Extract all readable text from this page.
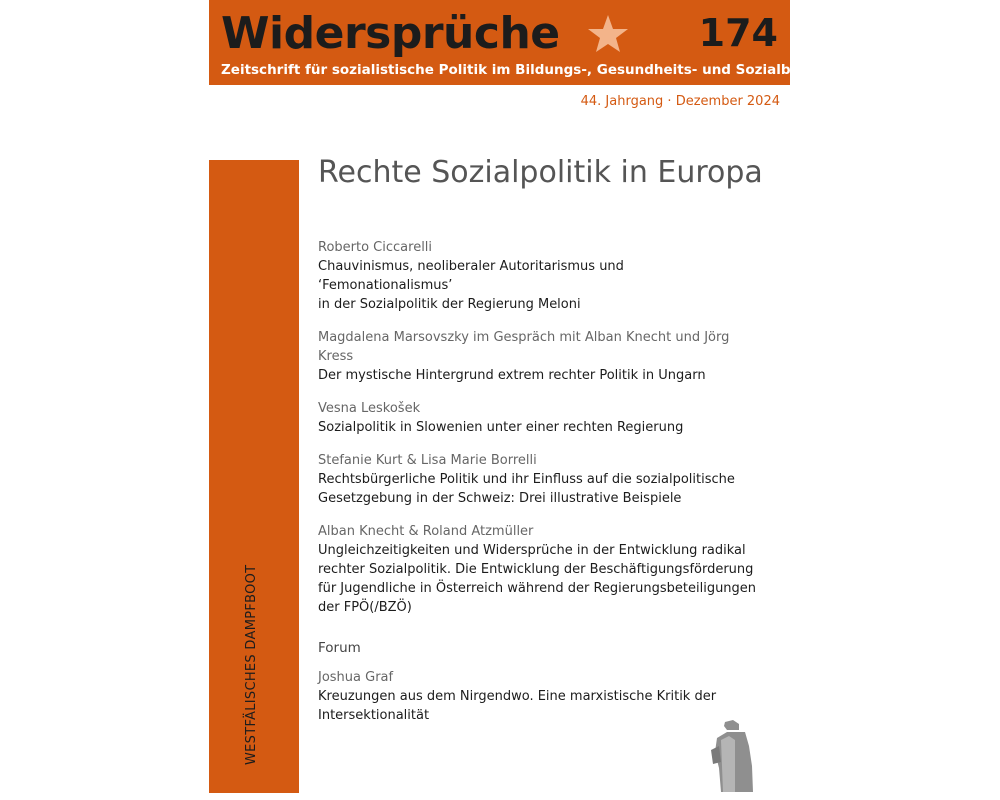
Widersprüche	174
Zeitschrift für sozialistische Politik im Bildungs-, Gesundheits- und Sozialbereich
44. Jahrgang · Dezember 2024
WESTFÄLISCHES DAMPFBOOT
Rechte Sozialpolitik in Europa
Roberto Ciccarelli
Chauvinismus, neoliberaler Autoritarismus und ‘Femonationalismus’
in der Sozialpolitik der Regierung Meloni
Magdalena Marsovszky im Gespräch mit Alban Knecht und Jörg Kress
Der mystische Hintergrund extrem rechter Politik in Ungarn
Vesna Leskošek
Sozialpolitik in Slowenien unter einer rechten Regierung
Stefanie Kurt & Lisa Marie Borrelli
Rechtsbürgerliche Politik und ihr Einfluss auf die sozialpolitische
Gesetzgebung in der Schweiz: Drei illustrative Beispiele
Alban Knecht & Roland Atzmüller
Ungleichzeitigkeiten und Widersprüche in der Entwicklung radikal
rechter Sozialpolitik. Die Entwicklung der Beschäftigungsförderung
für Jugendliche in Österreich während der Regierungsbeteiligungen
der FPÖ(/BZÖ)
Forum
Joshua Graf
Kreuzungen aus dem Nirgendwo. Eine marxistische Kritik der
Intersektionalität
